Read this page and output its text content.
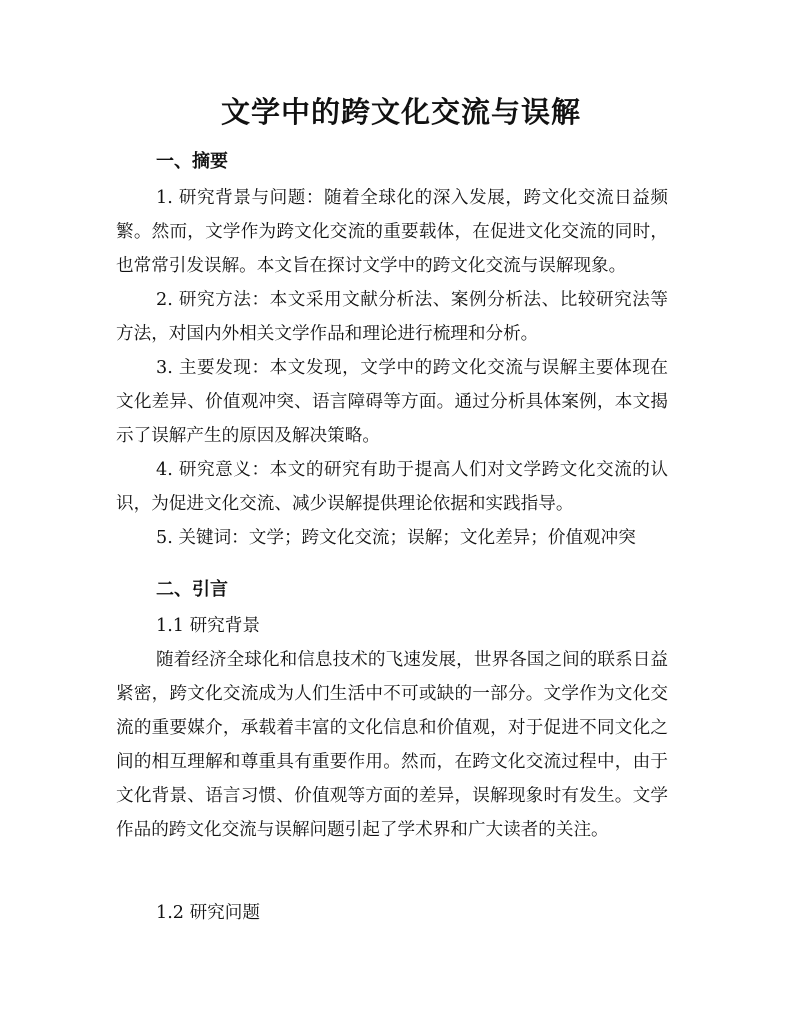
文学中的跨文化交流与误解
一、摘要

1. 研究背景与问题：随着全球化的深入发展，跨文化交流日益频繁。然而，文学作为跨文化交流的重要载体，在促进文化交流的同时，也常常引发误解。本文旨在探讨文学中的跨文化交流与误解现象。

2. 研究方法：本文采用文献分析法、案例分析法、比较研究法等方法，对国内外相关文学作品和理论进行梳理和分析。

3. 主要发现：本文发现，文学中的跨文化交流与误解主要体现在文化差异、价值观冲突、语言障碍等方面。通过分析具体案例，本文揭示了误解产生的原因及解决策略。

4. 研究意义：本文的研究有助于提高人们对文学跨文化交流的认识，为促进文化交流、减少误解提供理论依据和实践指导。

5. 关键词：文学；跨文化交流；误解；文化差异；价值观冲突

二、引言

1.1 研究背景

随着经济全球化和信息技术的飞速发展，世界各国之间的联系日益紧密，跨文化交流成为人们生活中不可或缺的一部分。文学作为文化交流的重要媒介，承载着丰富的文化信息和价值观，对于促进不同文化之间的相互理解和尊重具有重要作用。然而，在跨文化交流过程中，由于文化背景、语言习惯、价值观等方面的差异，误解现象时有发生。文学作品的跨文化交流与误解问题引起了学术界和广大读者的关注。

1.2 研究问题
